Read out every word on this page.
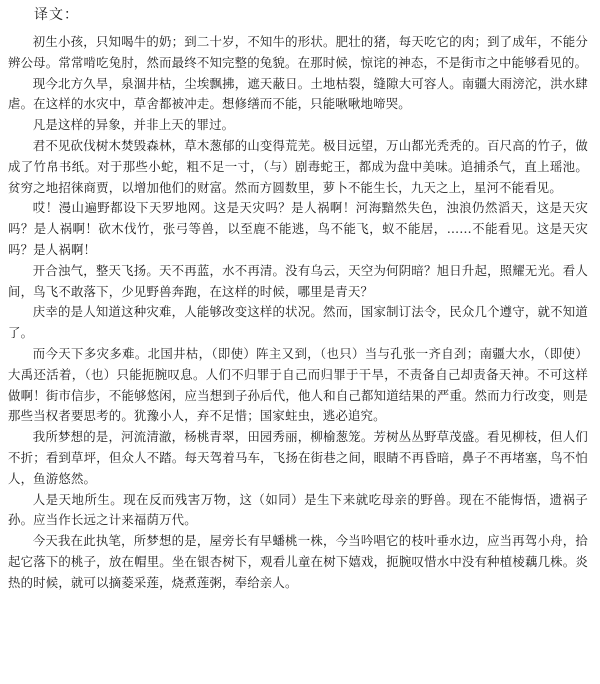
译文：

初生小孩，只知喝牛的奶；到二十岁，不知牛的形状。肥壮的猪，每天吃它的肉；到了成年，不能分辨公母。常常啃吃兔肘，然而最终不知完整的兔貌。在那时候，惊诧的神态，不是街市之中能够看见的。

现今北方久旱，泉涸井枯，尘埃飘拂，遮天蔽日。土地枯裂，缝隙大可容人。南疆大雨滂沱，洪水肆虐。在这样的水灾中，草舍都被冲走。想修缮而不能，只能啾啾地啼哭。

凡是这样的异象，并非上天的罪过。

君不见砍伐树木焚毁森林，草木葱郁的山变得荒芜。极目远望，万山都光秃秃的。百尺高的竹子，做成了竹帛书纸。对于那些小蛇，粗不足一寸，（与）剧毒蛇王，都成为盘中美味。追捕杀气，直上瑶池。贫穷之地招徕商贾，以增加他们的财富。然而方圆数里，萝卜不能生长，九天之上，星河不能看见。

哎！漫山遍野都设下天罗地网。这是天灾吗？是人祸啊！河海黯然失色，浊浪仍然滔天，这是天灾吗？是人祸啊！砍木伐竹，张弓等兽，以至鹿不能逃，鸟不能飞，蚁不能居，……不能看见。这是天灾吗？是人祸啊！

开合浊气，整天飞扬。天不再蓝，水不再清。没有乌云，天空为何阴暗？旭日升起，照耀无光。看人间，鸟飞不敢落下，少见野兽奔跑，在这样的时候，哪里是青天？

庆幸的是人知道这种灾难，人能够改变这样的状况。然而，国家制订法令，民众几个遵守，就不知道了。

而今天下多灾多难。北国井枯，（即使）阵主又到，（也只）当与孔张一齐自刭；南疆大水，（即使）大禹还活着，（也）只能扼腕叹息。人们不归罪于自己而归罪于干旱，不责备自己却责备天神。不可这样做啊！街市信步，不能够悠闲，应当想到子孙后代，他人和自己都知道结果的严重。然而力行改变，则是那些当权者要思考的。犹豫小人，弃不足惜；国家蛀虫，逃必追究。

我所梦想的是，河流清澈，杨桃青翠，田园秀丽，柳榆葱笼。芳树丛丛野草茂盛。看见柳枝，但人们不折；看到草坪，但众人不踏。每天驾着马车，飞扬在街巷之间，眼睛不再昏暗，鼻子不再堵塞，鸟不怕人，鱼游悠然。

人是天地所生。现在反而残害万物，这（如同）是生下来就吃母亲的野兽。现在不能悔悟，遗祸子孙。应当作长远之计来福荫万代。

今天我在此执笔，所梦想的是，屋旁长有早蟠桃一株，今当吟唱它的枝叶垂水边，应当再驾小舟，拾起它落下的桃子，放在帽里。坐在银杏树下，观看儿童在树下嬉戏，扼腕叹惜水中没有种植棱藕几株。炎热的时候，就可以摘菱采莲，烧煮莲粥，奉给亲人。
